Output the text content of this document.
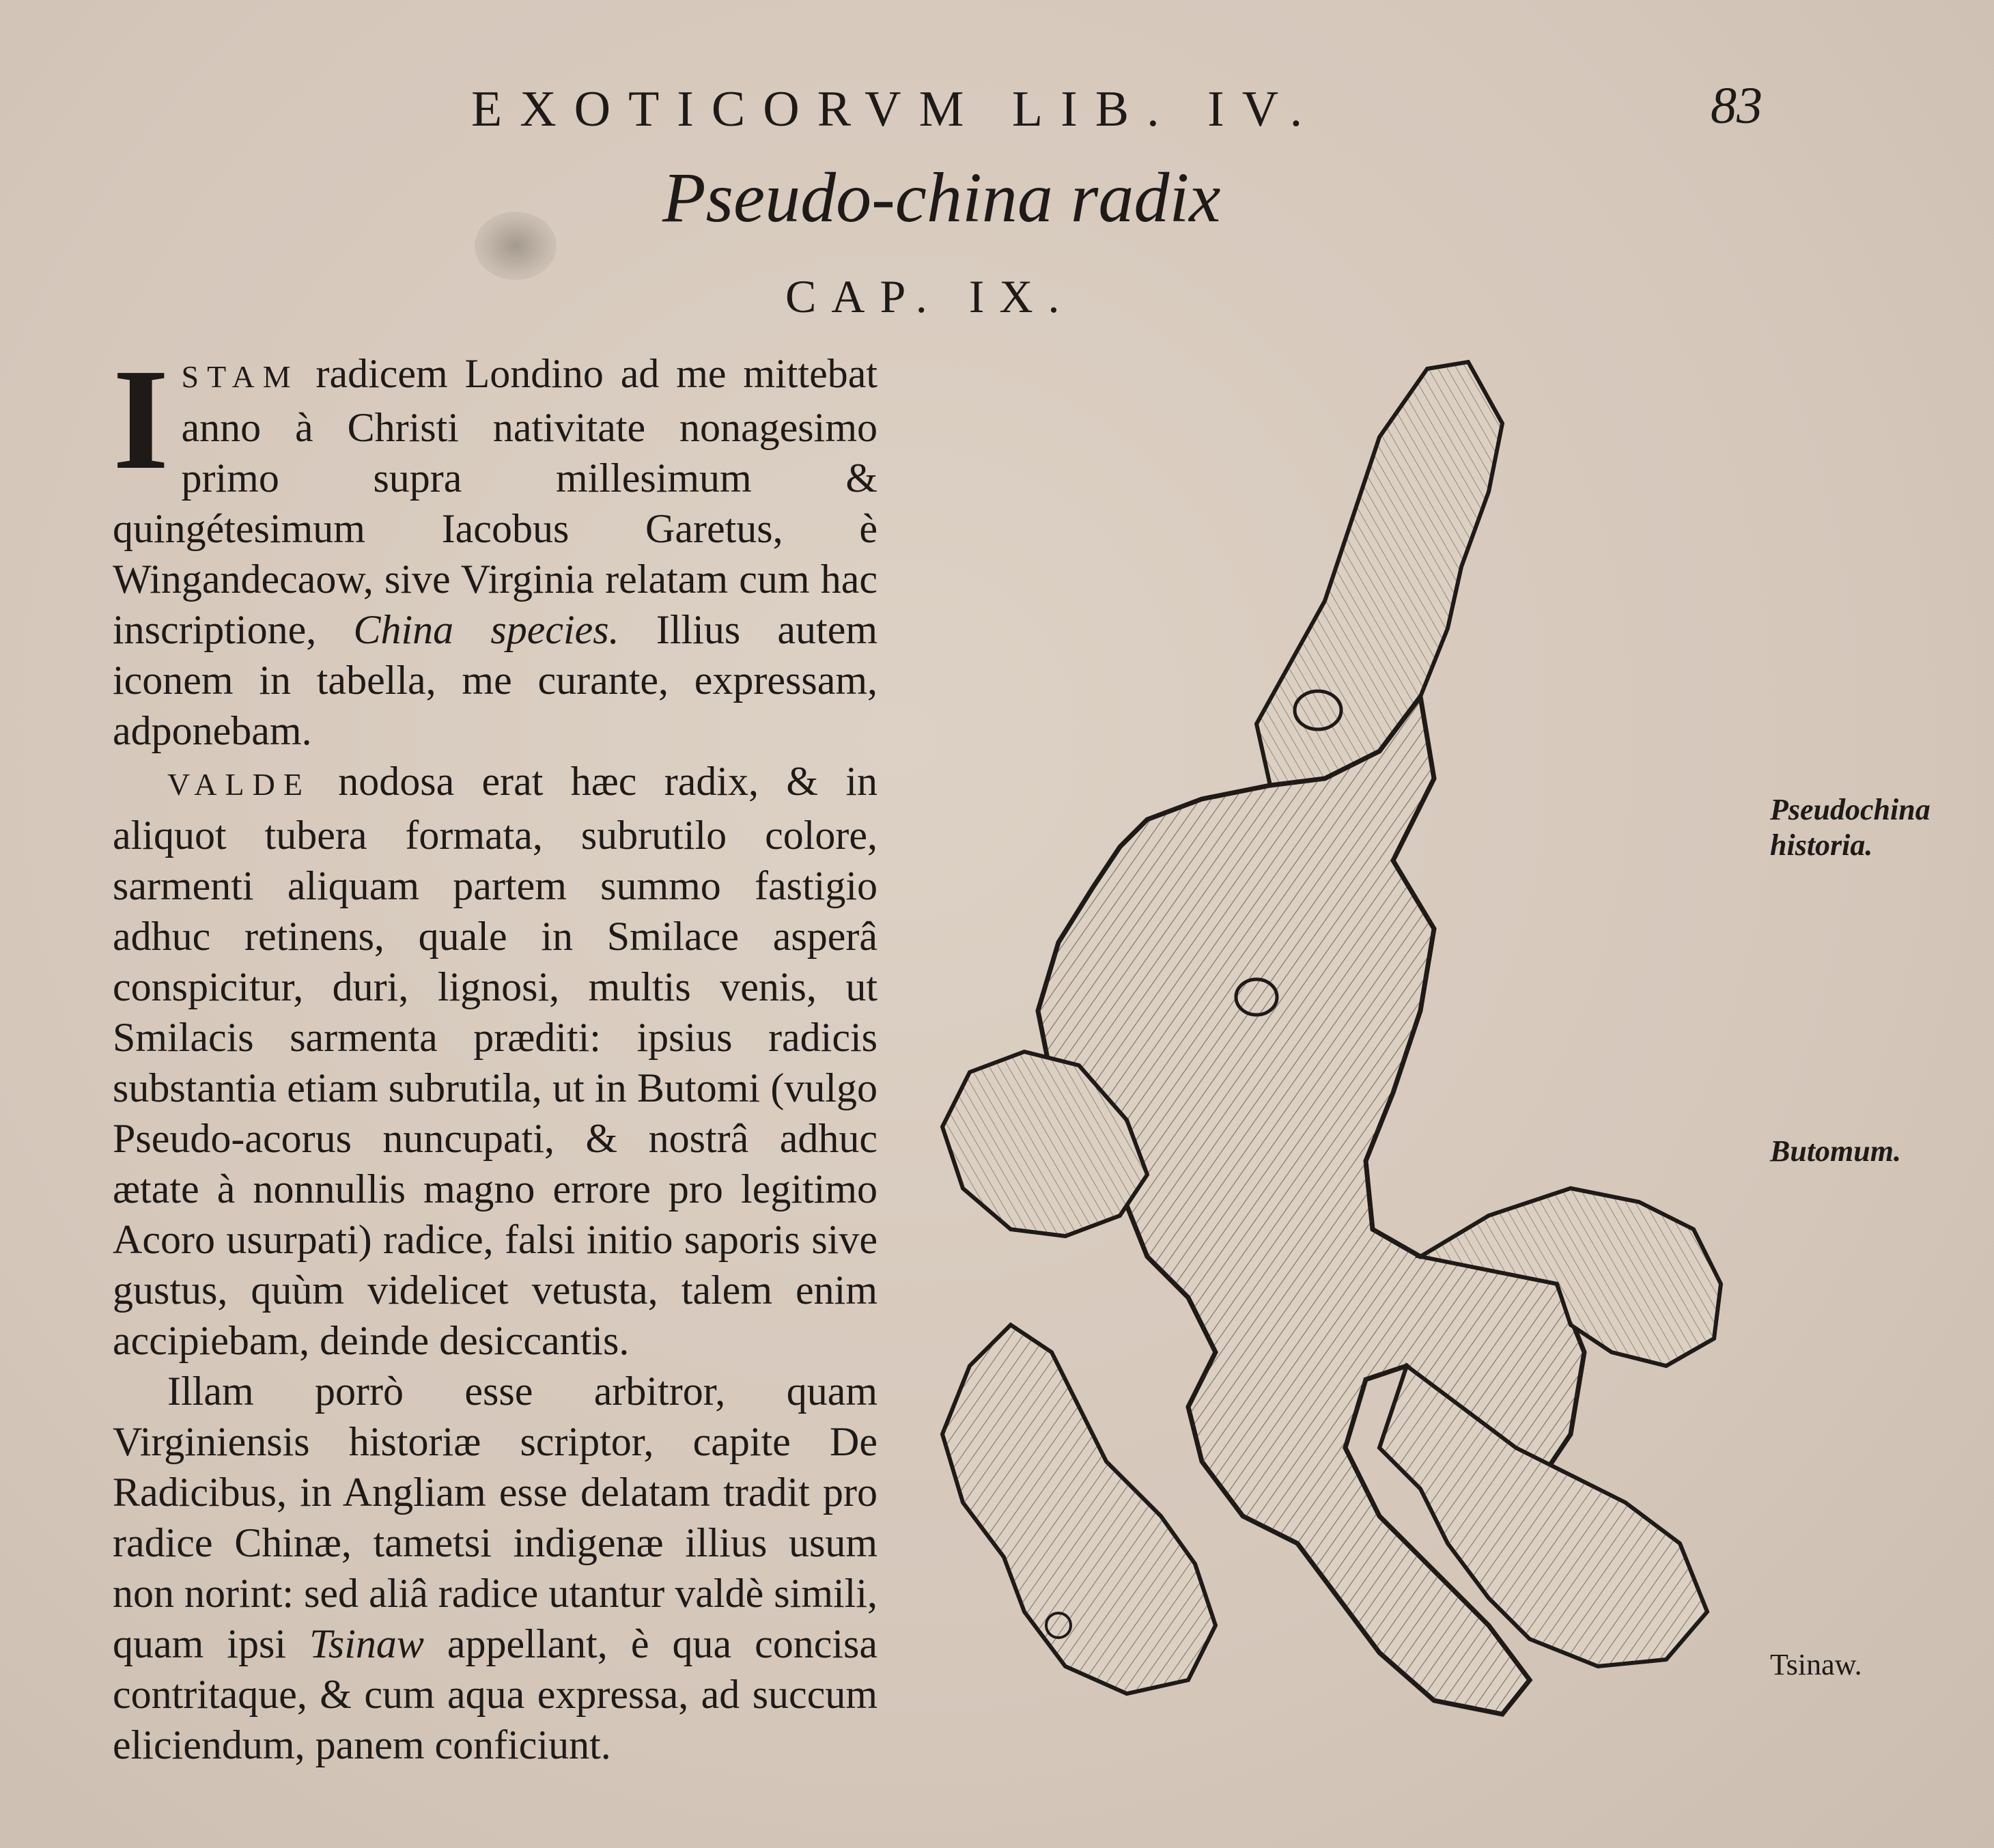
EXOTICORVM LIB. IV.	83
Pseudo-china radix
CAP. IX.

ISTAM radicem Londino ad me mittebat anno à Christi nativitate nonagesimo primo supra millesimum & quingétesimum Iacobus Garetus, è Wingandecaow, sive Virginia relatam cum hac inscriptione, China species. Illius autem iconem in tabella, me curante, expressam, adponebam.

VALDE nodosa erat hæc radix, & in aliquot tubera formata, subrutilo colore, sarmenti aliquam partem summo fastigio adhuc retinens, quale in Smilace asperâ conspicitur, duri, lignosi, multis venis, ut Smilacis sarmenta præditi: ipsius radicis substantia etiam subrutila, ut in Butomi (vulgo Pseudo-acorus nuncupati, & nostrâ adhuc ætate à nonnullis magno errore pro legitimo Acoro usurpati) radice, falsi initio saporis sive gustus, quùm videlicet vetusta, talem enim accipiebam, deinde desiccantis.

Illam porrò esse arbitror, quam Virginiensis historiæ scriptor, capite De Radicibus, in Angliam esse delatam tradit pro radice Chinæ, tametsi indigenæ illius usum non norint: sed aliâ radice utantur valdè simili, quam ipsi Tsinaw appellant, è qua concisa contritaque, & cum aqua expressa, ad succum eliciendum, panem conficiunt.

Pseudochina
historia.
Butomum.
Tsinaw.
